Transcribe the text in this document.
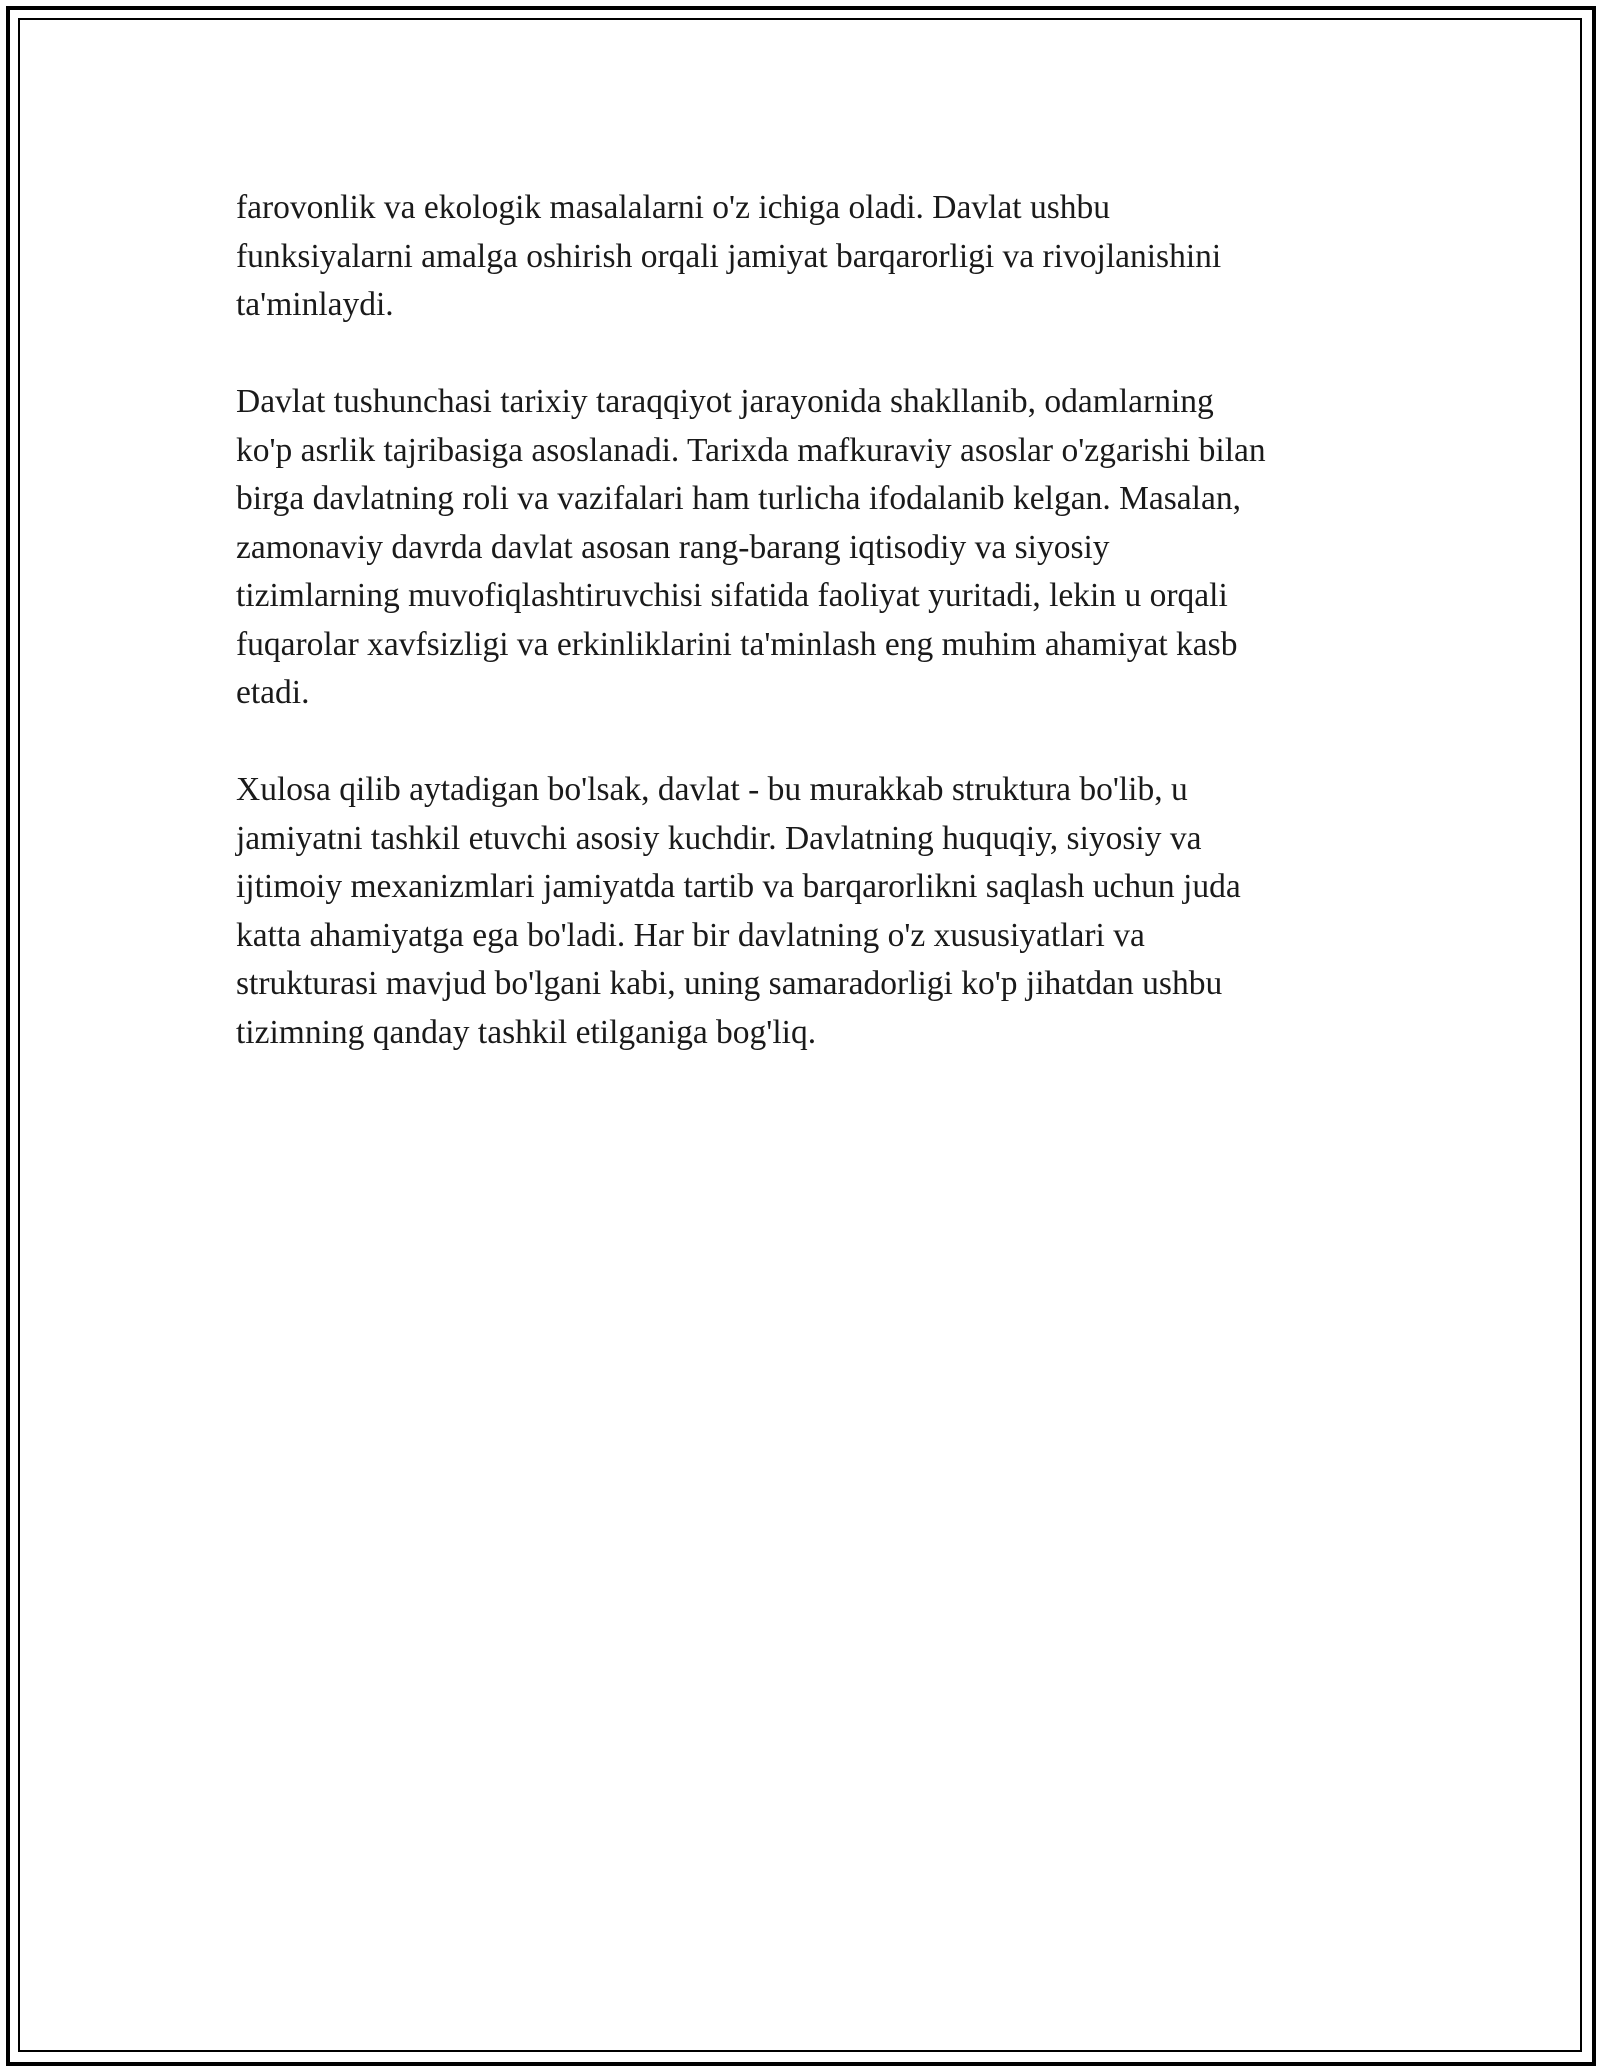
farovonlik va ekologik masalalarni o'z ichiga oladi. Davlat ushbu
funksiyalarni amalga oshirish orqali jamiyat barqarorligi va rivojlanishini
ta'minlaydi.

Davlat tushunchasi tarixiy taraqqiyot jarayonida shakllanib, odamlarning
ko'p asrlik tajribasiga asoslanadi. Tarixda mafkuraviy asoslar o'zgarishi bilan
birga davlatning roli va vazifalari ham turlicha ifodalanib kelgan. Masalan,
zamonaviy davrda davlat asosan rang-barang iqtisodiy va siyosiy
tizimlarning muvofiqlashtiruvchisi sifatida faoliyat yuritadi, lekin u orqali
fuqarolar xavfsizligi va erkinliklarini ta'minlash eng muhim ahamiyat kasb
etadi.

Xulosa qilib aytadigan bo'lsak, davlat - bu murakkab struktura bo'lib, u
jamiyatni tashkil etuvchi asosiy kuchdir. Davlatning huquqiy, siyosiy va
ijtimoiy mexanizmlari jamiyatda tartib va barqarorlikni saqlash uchun juda
katta ahamiyatga ega bo'ladi. Har bir davlatning o'z xususiyatlari va
strukturasi mavjud bo'lgani kabi, uning samaradorligi ko'p jihatdan ushbu
tizimning qanday tashkil etilganiga bog'liq.
